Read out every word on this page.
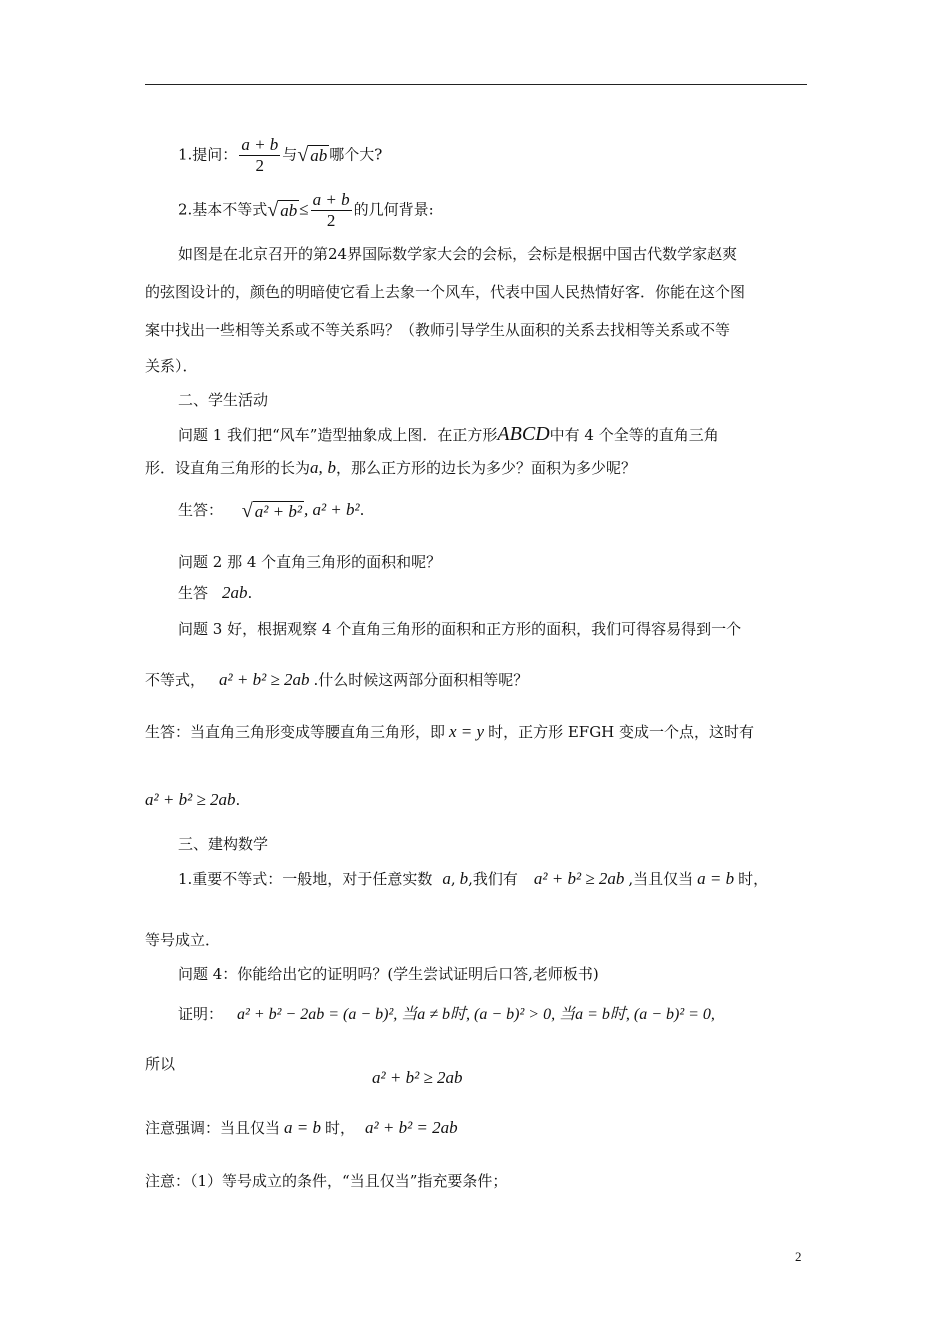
1.提问： $\frac{a + b}{2}$ 与√ ab 哪个大?
2.基本不等式√ ab ≤ $\frac{a + b}{2}$ 的几何背景:
如图是在北京召开的第24界国际数学家大会的会标，会标是根据中国古代数学家赵爽
的弦图设计的，颜色的明暗使它看上去象一个风车，代表中国人民热情好客．你能在这个图
案中找出一些相等关系或不等关系吗？（教师引导学生从面积的关系去找相等关系或不等
关系）．
二、学生活动
问题 1 我们把“风车”造型抽象成上图．在正方形ABCD中有 4 个全等的直角三角
形．设直角三角形的长为a, b，那么正方形的边长为多少？面积为多少呢？
生答： √ a² + b² , a² + b².
问题 2 那 4 个直角三角形的面积和呢？
生答 2ab.
问题 3 好，根据观察 4 个直角三角形的面积和正方形的面积，我们可得容易得到一个
不等式， a² + b² ≥ 2ab .什么时候这两部分面积相等呢？
生答：当直角三角形变成等腰直角三角形，即 x = y 时，正方形 EFGH 变成一个点，这时有
a² + b² ≥ 2ab.
三、建构数学
1.重要不等式：一般地，对于任意实数 a, b,我们有 a² + b² ≥ 2ab ,当且仅当 a = b 时，
等号成立．
问题 4：你能给出它的证明吗？(学生尝试证明后口答,老师板书)
证明： a² + b² − 2ab = (a − b)², 当a ≠ b时, (a − b)² > 0, 当a = b时, (a − b)² = 0,
所以
a² + b² ≥ 2ab
注意强调：当且仅当 a = b 时， a² + b² = 2ab
注意：（1）等号成立的条件，“当且仅当”指充要条件；
2
